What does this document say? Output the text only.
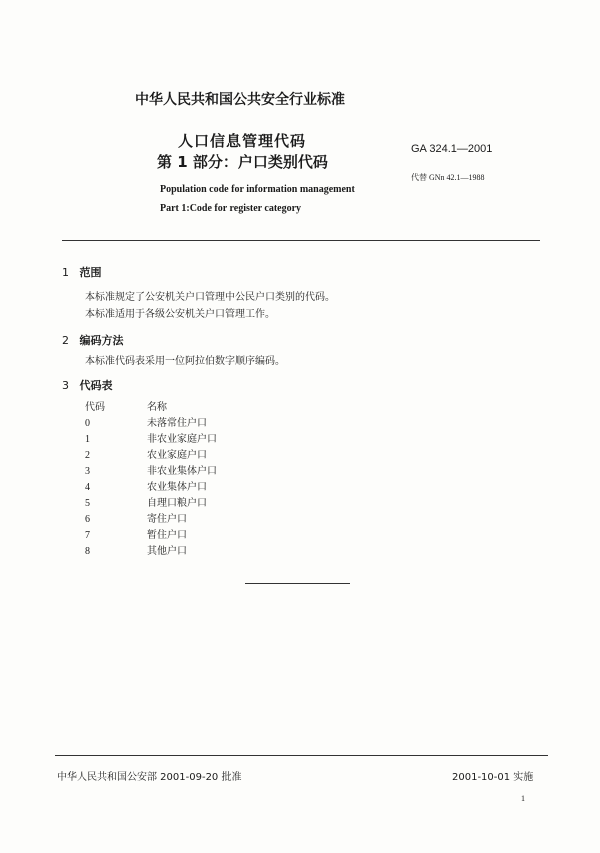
中华人民共和国公共安全行业标准
人口信息管理代码
第 1 部分：户口类别代码
Population code for information management
Part 1:Code for register category
GA 324.1—2001
代替 GNn 42.1—1988
1 范围
本标准规定了公安机关户口管理中公民户口类别的代码。
本标准适用于各级公安机关户口管理工作。
2 编码方法
本标准代码表采用一位阿拉伯数字顺序编码。
3 代码表
代码	名称
0	未落常住户口
1	非农业家庭户口
2	农业家庭户口
3	非农业集体户口
4	农业集体户口
5	自理口粮户口
6	寄住户口
7	暂住户口
8	其他户口
中华人民共和国公安部 2001-09-20 批准	2001-10-01 实施
1
